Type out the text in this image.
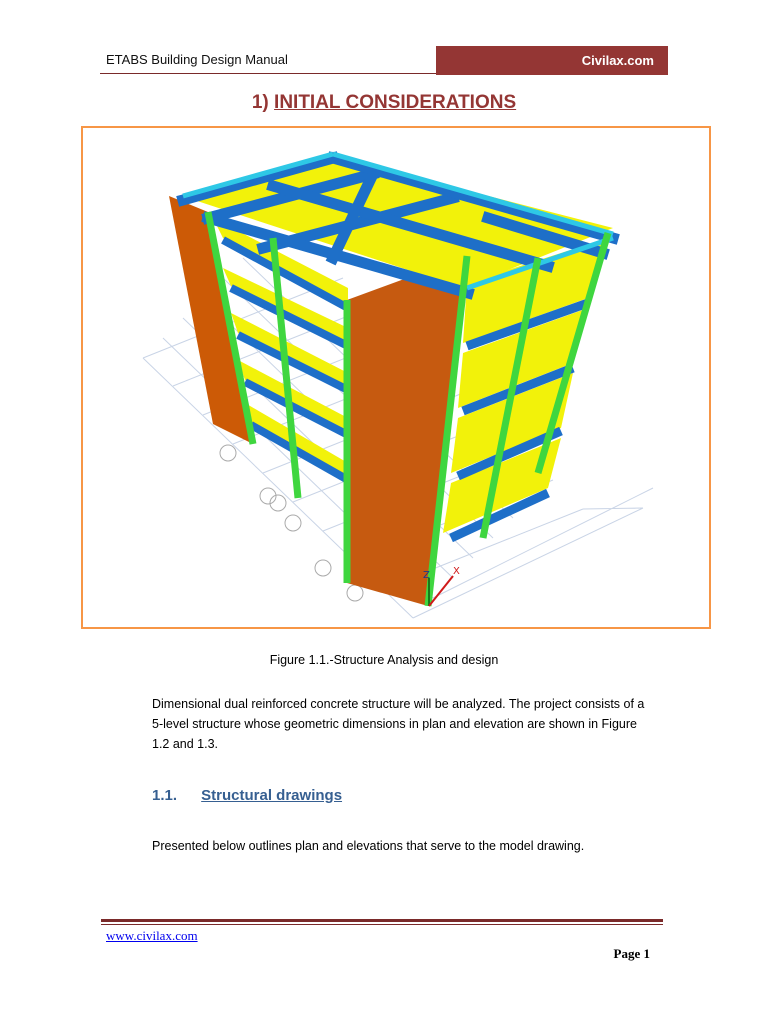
ETABS Building Design Manual	Civilax.com
1) INITIAL CONSIDERATIONS
Z X
Figure 1.1.-Structure Analysis and design
Dimensional dual reinforced concrete structure will be analyzed. The project consists of a 5-level structure whose geometric dimensions in plan and elevation are shown in Figure 1.2 and 1.3.
1.1. Structural drawings
Presented below outlines plan and elevations that serve to the model drawing.
www.civilax.com
Page 1
